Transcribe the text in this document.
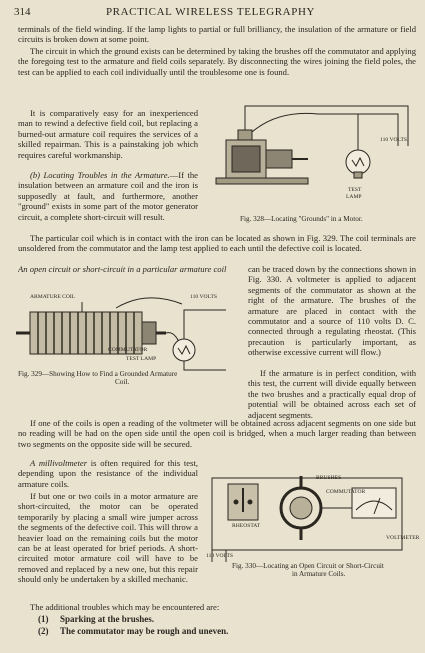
314	PRACTICAL WIRELESS TELEGRAPHY
terminals of the field winding. If the lamp lights to partial or full brilliancy, the insulation of the armature or field circuits is broken down at some point.
The circuit in which the ground exists can be determined by taking the brushes off the commutator and applying the foregoing test to the armature and field coils separately. By disconnecting the wires joining the field poles, the test can be applied to each coil individually until the troublesome one is found.
It is comparatively easy for an inexperienced man to rewind a defective field coil, but replacing a burned-out armature coil requires the services of a skilled repairman. This is a painstaking job which requires careful workmanship.
(b) Locating Troubles in the Armature.—If the insulation between an armature coil and the iron is supposedly at fault, and furthermore, another "ground" exists in some part of the motor generator circuit, a complete short-circuit will result.
The particular coil which is in contact with the iron can be located as shown in Fig. 329. The coil terminals are unsoldered from the commutator and the lamp test applied to each until the defective coil is located.
An open circuit or short-circuit in a particular armature coil	can be traced down by the connections shown in Fig. 330. A voltmeter is applied to adjacent segments of the commutator as shown at the right of the armature. The brushes of the armature are placed in contact with the commutator and a source of 110 volts D. C. connected through a regulating rheostat. (This precaution is particularly important, as otherwise excessive current will flow.)
If the armature is in perfect condition, with this test, the current will divide equally between the two brushes and a practically equal drop of potential will be obtained across each set of adjacent segments.
If one of the coils is open a reading of the voltmeter will be obtained across adjacent segments on one side but no reading will be had on the open side until the open coil is bridged, when a much larger reading than between two segments on the opposite side will be secured.
A millivoltmeter is often required for this test, depending upon the resistance of the individual armature coils.
If but one or two coils in a motor armature are short-circuited, the motor can be operated temporarily by placing a small wire jumper across the segments of the defective coil. This will throw a heavier load on the remaining coils but the motor can be at least operated for brief periods. A short-circuited motor armature coil will have to be removed and replaced by a new one, but this repair should only be undertaken by a skilled mechanic.
The additional troubles which may be encountered are:
(1) Sparking at the brushes.
(2) The commutator may be rough and uneven.
110 VOLTS.
TEST
LAMP
Fig. 328—Locating "Grounds" in a Motor.
ARMATURE COIL	110 VOLTS
COMMUTATOR
TEST LAMP
Fig. 329—Showing How to Find a Grounded Armature
Coil.
BRUSHES
COMMUTATOR
RHEOSTAT
VOLTMETER
110 VOLTS
Fig. 330—Locating an Open Circuit or Short-Circuit
in Armature Coils.
